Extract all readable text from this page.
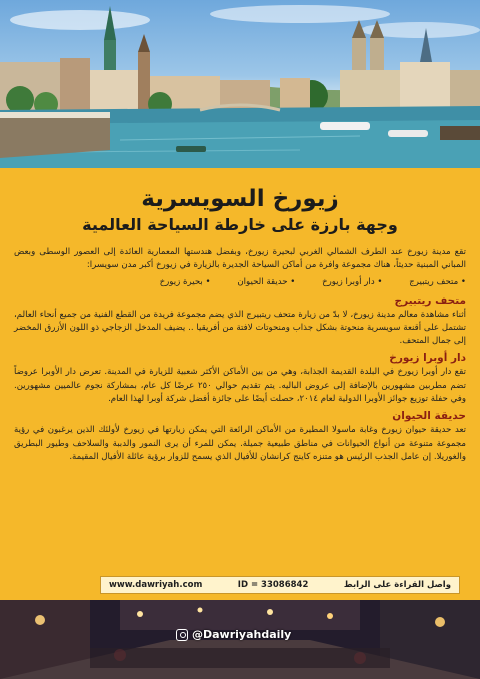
زيورخ السويسرية
وجهة بارزة على خارطة السياحة العالمية

تقع مدينة زيورخ عند الطرف الشمالي الغربي لبحيرة زيورخ، وبفضل هندستها المعمارية العائدة إلى العصور الوسطى وبعض المباني المبنية حديثاً، هناك مجموعة وافرة من أماكن السياحة الجديرة بالزيارة في زيورخ أكبر مدن سويسرا:

• متحف ريتبيرج • دار أوبرا زيورخ • حديقة الحيوان • بحيرة زيورخ
متحف ريتبيرج

أثناء مشاهدة معالم مدينة زيورخ، لا بدّ من زيارة متحف ريتبيرج الذي يضم مجموعة فريدة من القطع الفنية من جميع أنحاء العالم، تشتمل على أقنعة سويسرية منحوتة بشكل جذاب ومنحوتات لافتة من أفريقيا .. يضيف المدخل الزجاجي ذو اللون الأزرق المخضر إلى جمال المتحف.

دار أوبرا زيورخ

تقع دار أوبرا زيورخ في البلدة القديمة الجذابة، وهي من بين الأماكن الأكثر شعبية للزيارة في المدينة. تعرض دار الأوبرا عروضاً تضم مطربين مشهورين بالإضافة إلى عروض الباليه. يتم تقديم حوالي ٢٥٠ عرضًا كل عام، بمشاركة نجوم عالميين مشهورين. وفي حفلة توزيع جوائز الأوبرا الدولية لعام ٢٠١٤، حصلت أيضًا على جائزة أفضل شركة أوبرا لهذا العام.

حديقة الحيوان

تعد حديقة حيوان زيورخ وغابة ماسولا المطيرة من الأماكن الرائعة التي يمكن زيارتها في زيورخ لأولئك الذين يرغبون في رؤية مجموعة متنوعة من أنواع الحيوانات في مناطق طبيعية جميلة. يمكن للمرء أن يرى النمور والدببة والسلاحف وطيور البطريق والغوريلا. إن عامل الجذب الرئيس هو متنزه كاينج كرانشان للأفيال الذي يسمح للزوار برؤية عائلة الأفيال المقيمة.

www.dawriyah.com	ID = 33086842	واصل القراءة على الرابط
@Dawriyahdaily
